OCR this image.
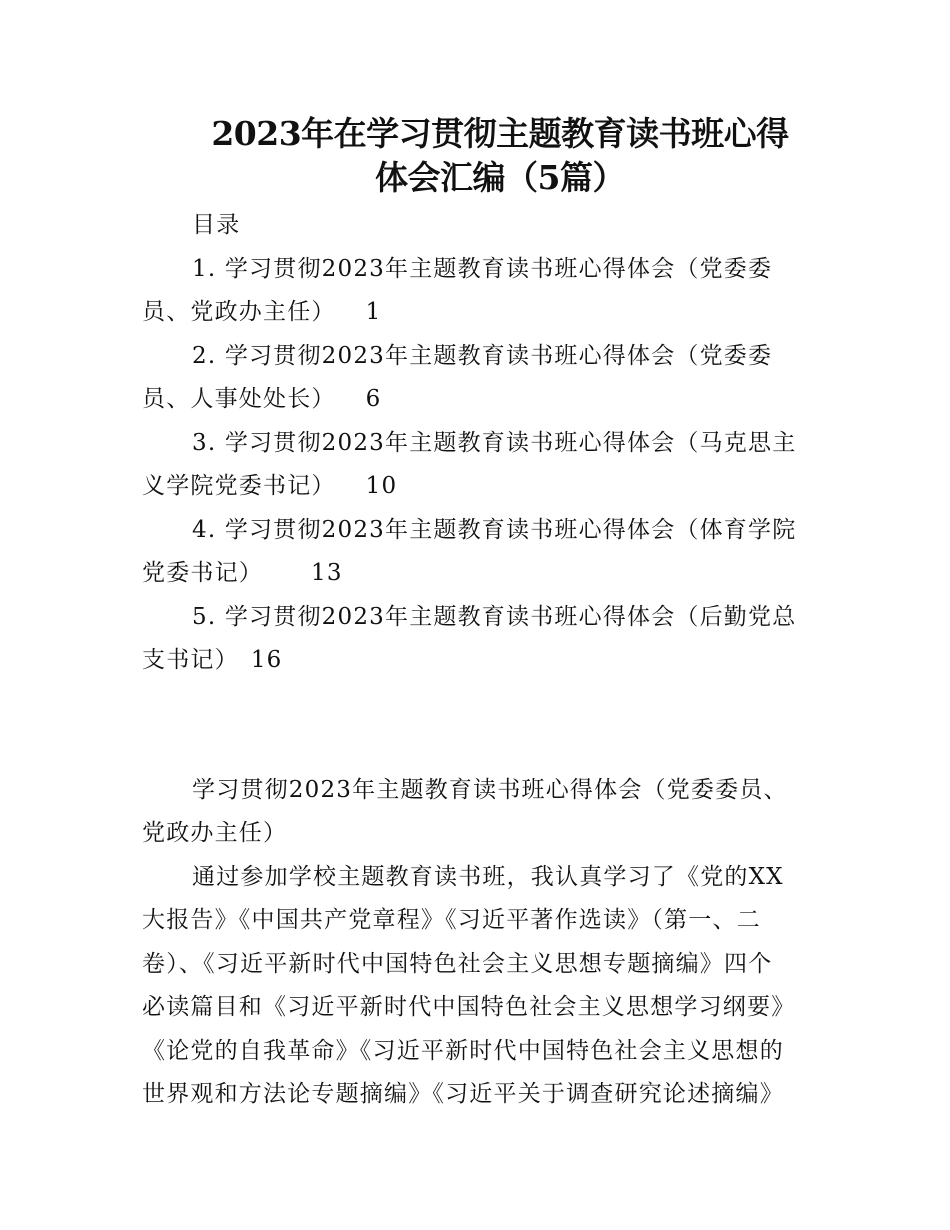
2023年在学习贯彻主题教育读书班心得
体会汇编（5篇）
目录
1. 学习贯彻2023年主题教育读书班心得体会（党委委
员、党政办主任） 1
2. 学习贯彻2023年主题教育读书班心得体会（党委委
员、人事处处长） 6
3. 学习贯彻2023年主题教育读书班心得体会（马克思主
义学院党委书记） 10
4. 学习贯彻2023年主题教育读书班心得体会（体育学院
党委书记） 13
5. 学习贯彻2023年主题教育读书班心得体会（后勤党总
支书记） 16
学习贯彻2023年主题教育读书班心得体会（党委委员、
党政办主任）
通过参加学校主题教育读书班，我认真学习了《党的XX
大报告》《中国共产党章程》《习近平著作选读》（第一、二
卷）、《习近平新时代中国特色社会主义思想专题摘编》四个
必读篇目和《习近平新时代中国特色社会主义思想学习纲要》
《论党的自我革命》《习近平新时代中国特色社会主义思想的
世界观和方法论专题摘编》《习近平关于调查研究论述摘编》
